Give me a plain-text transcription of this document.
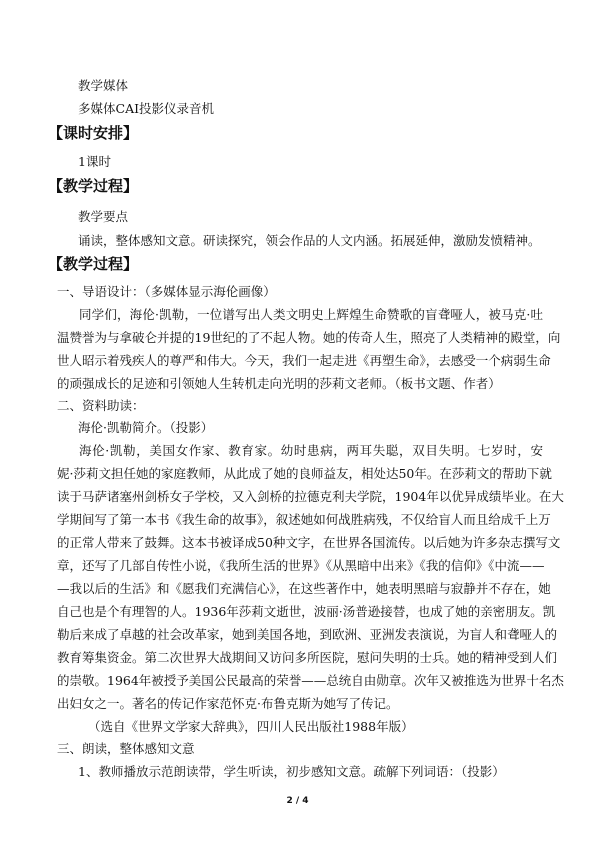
教学媒体

多媒体CAI投影仪录音机

【课时安排】

1课时

【教学过程】

教学要点

诵读，整体感知文意。研读探究，领会作品的人文内涵。拓展延伸，激励发愤精神。

【教学过程】

一、导语设计：（多媒体显示海伦画像）

同学们，海伦·凯勒，一位谱写出人类文明史上辉煌生命赞歌的盲聋哑人，被马克·吐
温赞誉为与拿破仑并提的19世纪的了不起人物。她的传奇人生，照亮了人类精神的殿堂，向
世人昭示着残疾人的尊严和伟大。今天，我们一起走进《再塑生命》，去感受一个病弱生命

的顽强成长的足迹和引领她人生转机走向光明的莎莉文老师。（板书文题、作者）

二、资料助读：

海伦·凯勒简介。（投影）

海伦·凯勒，美国女作家、教育家。幼时患病，两耳失聪，双目失明。七岁时，安
妮·莎莉文担任她的家庭教师，从此成了她的良师益友，相处达50年。在莎莉文的帮助下就
读于马萨诸塞州剑桥女子学校，又入剑桥的拉德克利夫学院，1904年以优异成绩毕业。在大
学期间写了第一本书《我生命的故事》，叙述她如何战胜病残，不仅给盲人而且给成千上万
的正常人带来了鼓舞。这本书被译成50种文字，在世界各国流传。以后她为许多杂志撰写文
章，还写了几部自传性小说，《我所生活的世界》《从黑暗中出来》《我的信仰》《中流——
—我以后的生活》和《愿我们充满信心》，在这些著作中，她表明黑暗与寂静并不存在，她
自己也是个有理智的人。1936年莎莉文逝世，波丽·汤普逊接替，也成了她的亲密朋友。凯
勒后来成了卓越的社会改革家，她到美国各地，到欧洲、亚洲发表演说，为盲人和聋哑人的
教育筹集资金。第二次世界大战期间又访问多所医院，慰问失明的士兵。她的精神受到人们
的崇敬。1964年被授予美国公民最高的荣誉——总统自由勋章。次年又被推选为世界十名杰

出妇女之一。著名的传记作家范怀克·布鲁克斯为她写了传记。

（选自《世界文学家大辞典》，四川人民出版社1988年版）

三、朗读，整体感知文意

1、教师播放示范朗读带，学生听读，初步感知文意。疏解下列词语：（投影）

2 / 4
